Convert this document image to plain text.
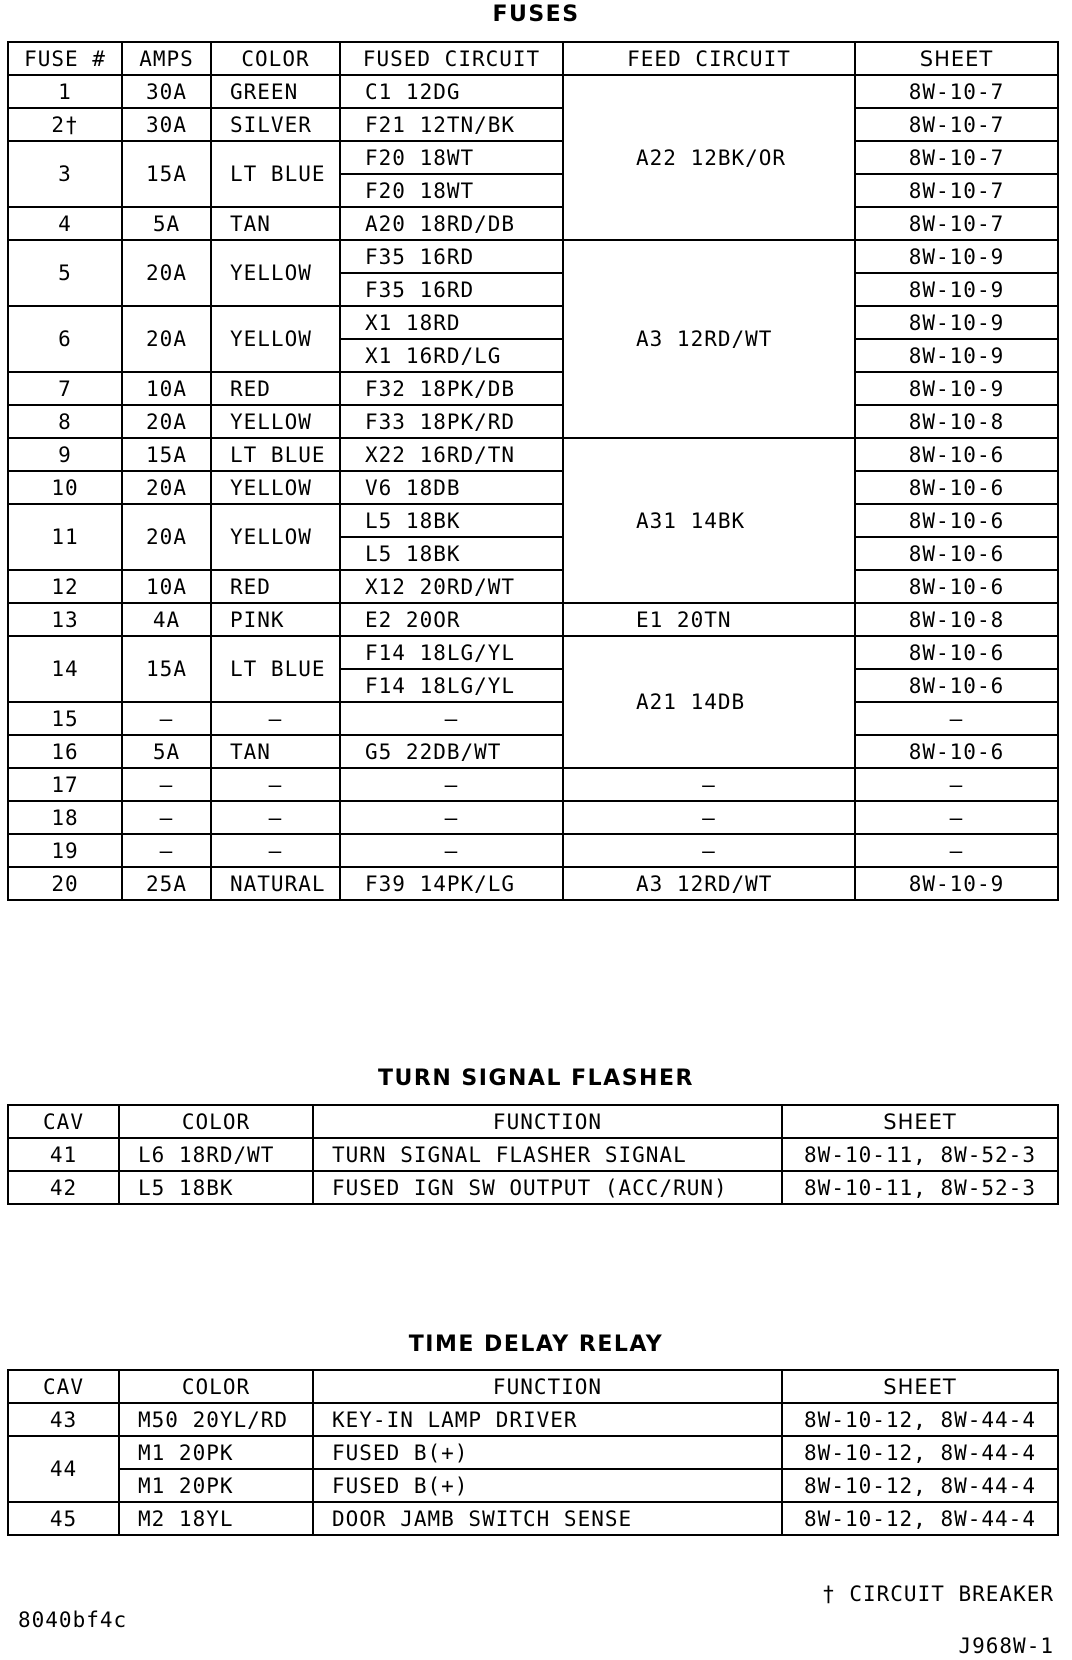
FUSES
FUSE #	AMPS	COLOR	FUSED CIRCUIT	FEED CIRCUIT	SHEET
1	30A	GREEN	C1 12DG	A22 12BK/OR	8W-10-7
2†	30A	SILVER	F21 12TN/BK		8W-10-7
3	15A	LT BLUE	F20 18WT		8W-10-7
			F20 18WT		8W-10-7
4	5A	TAN	A20 18RD/DB		8W-10-7
5	20A	YELLOW	F35 16RD	A3 12RD/WT	8W-10-9
			F35 16RD		8W-10-9
6	20A	YELLOW	X1 18RD		8W-10-9
			X1 16RD/LG		8W-10-9
7	10A	RED	F32 18PK/DB		8W-10-9
8	20A	YELLOW	F33 18PK/RD		8W-10-8
9	15A	LT BLUE	X22 16RD/TN	A31 14BK	8W-10-6
10	20A	YELLOW	V6 18DB		8W-10-6
11	20A	YELLOW	L5 18BK		8W-10-6
			L5 18BK		8W-10-6
12	10A	RED	X12 20RD/WT		8W-10-6
13	4A	PINK	E2 20OR	E1 20TN	8W-10-8
14	15A	LT BLUE	F14 18LG/YL	A21 14DB	8W-10-6
			F14 18LG/YL		8W-10-6
15	–	–	–		–
16	5A	TAN	G5 22DB/WT		8W-10-6
17	–	–	–	–	–
18	–	–	–	–	–
19	–	–	–	–	–
20	25A	NATURAL	F39 14PK/LG	A3 12RD/WT	8W-10-9
TURN SIGNAL FLASHER
CAV	COLOR	FUNCTION	SHEET
41	L6 18RD/WT	TURN SIGNAL FLASHER SIGNAL	8W-10-11, 8W-52-3
42	L5 18BK	FUSED IGN SW OUTPUT (ACC/RUN)	8W-10-11, 8W-52-3
TIME DELAY RELAY
CAV	COLOR	FUNCTION	SHEET
43	M50 20YL/RD	KEY-IN LAMP DRIVER	8W-10-12, 8W-44-4
44	M1 20PK	FUSED B(+)	8W-10-12, 8W-44-4
	M1 20PK	FUSED B(+)	8W-10-12, 8W-44-4
45	M2 18YL	DOOR JAMB SWITCH SENSE	8W-10-12, 8W-44-4
† CIRCUIT BREAKER
8040bf4c
J968W-1
